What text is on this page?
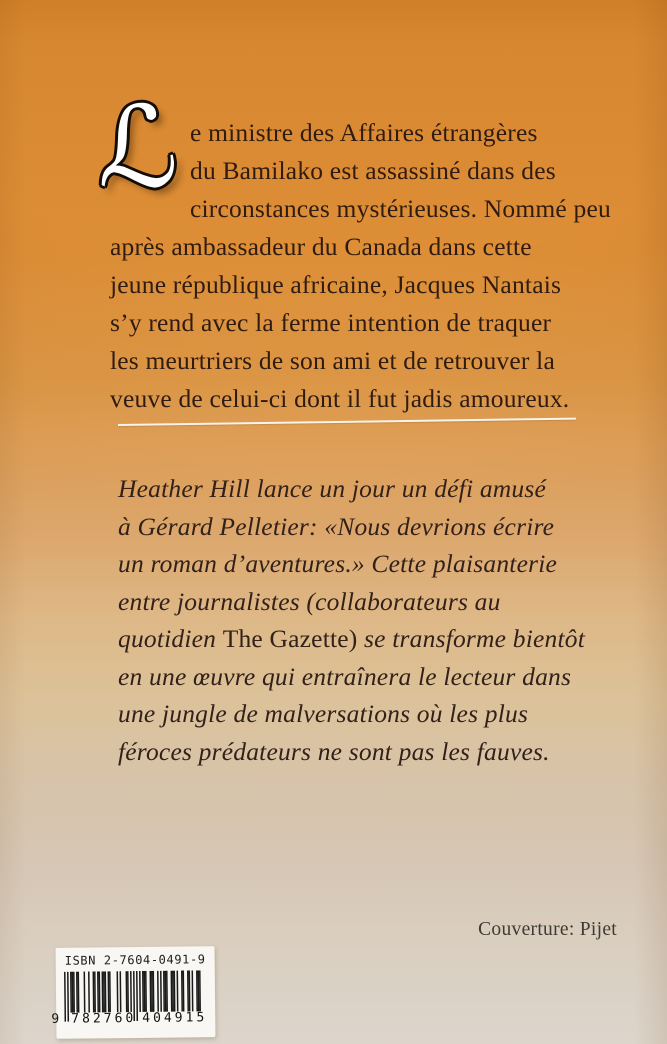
ℒ e ministre des Affaires étrangères
du Bamilako est assassiné dans des
circonstances mystérieuses. Nommé peu
après ambassadeur du Canada dans cette
jeune république africaine, Jacques Nantais
s’y rend avec la ferme intention de traquer
les meurtriers de son ami et de retrouver la
veuve de celui-ci dont il fut jadis amoureux.
Heather Hill lance un jour un défi amusé
à Gérard Pelletier: «Nous devrions écrire
un roman d’aventures.» Cette plaisanterie
entre journalistes (collaborateurs au
quotidien The Gazette) se transforme bientôt
en une œuvre qui entraînera le lecteur dans
une jungle de malversations où les plus
féroces prédateurs ne sont pas les fauves.
Couverture: Pijet
ISBN 2-7604-0491-9
9 782760 404915
